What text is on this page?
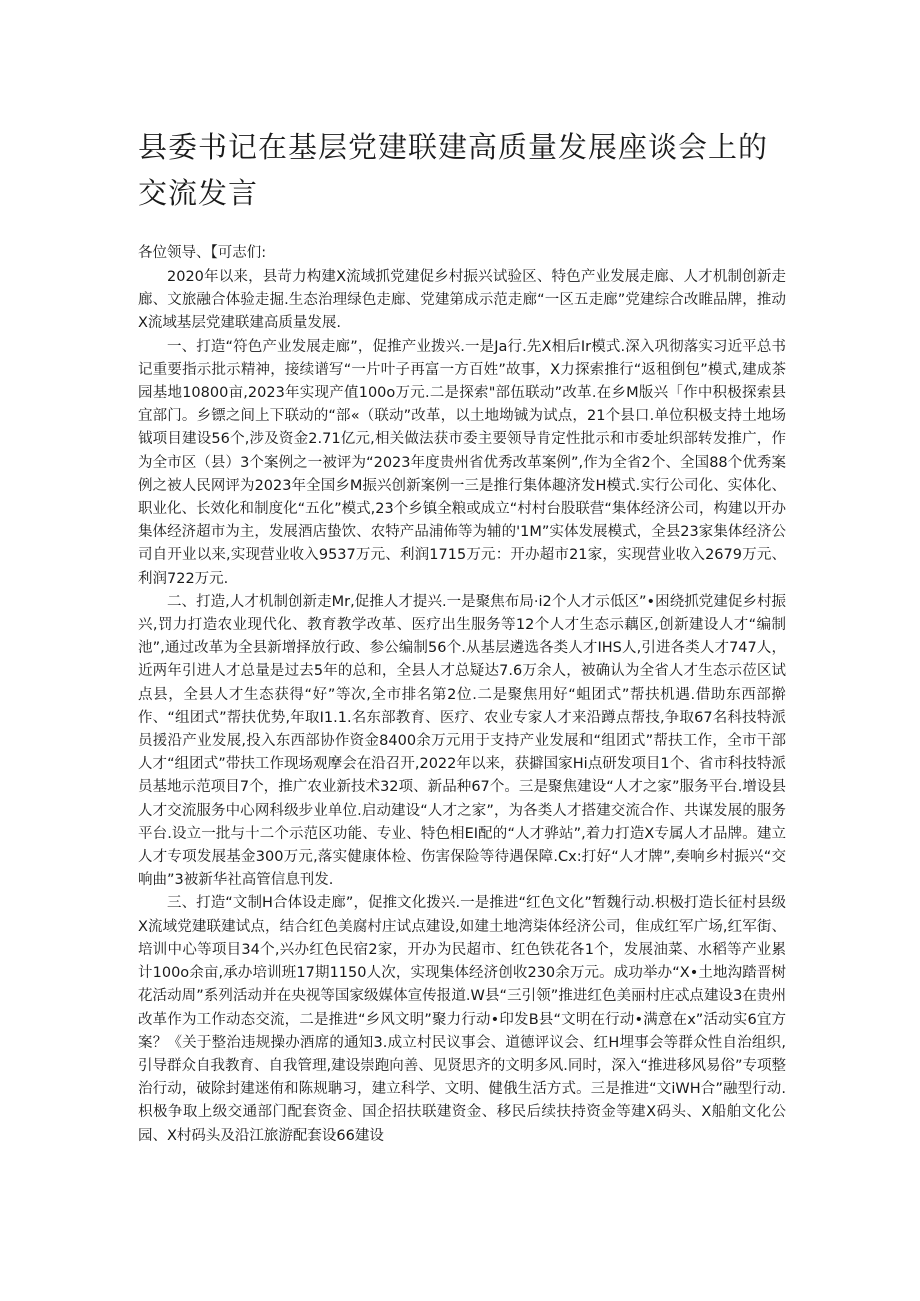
县委书记在基层党建联建高质量发展座谈会上的交流发言

各位领导、【可志们:

2020年以来，县苛力构建X流域抓党建促乡村振兴试验区、特色产业发展走廊、人才机制创新走廊、文旅融合体验走掘.生态治理绿色走廊、党建第成示范走廊“一区五走廊”党建综合改睢品牌，推动X流域基层党建联建高质量发展.

一、打造“符色产业发展走廊”，促推产业拨兴.一是Ja行.先X相后Ir模式.深入巩彻落实习近平总书记重要指示批示精神，接续谱写“一片叶子再富一方百姓”故事，X力探索推行“返租倒包”模式,建成茶园基地10800亩,2023年实现产值100o万元.二是探索"部伍联动”改革.在乡M版兴「作中积极探索县宜部门。乡镖之间上下联动的“部«（联动”改革，以土地坳铖为试点，21个县口.单位积极支持土地场钺项目建设56个,涉及资金2.71亿元,相关做法获市委主要领导肯定性批示和市委址织部转发推广，作为全市区（县）3个案例之一被评为“2023年度贵州省优秀改革案例”,作为全省2个、全国88个优秀案例之被人民网评为2023年全国乡M振兴创新案例一三是推行集体趣济发H模式.实行公司化、实体化、职业化、长效化和制度化“五化”模式,23个乡镇全粮或成立“村村台股联营“集体经济公司，构建以开办集体经济超市为主，发展酒店蛰饮、农特产品浦佈等为辅的'1M”实体发展模式，全县23家集体经济公司自开业以来,实现营业收入9537万元、利润1715万元：开办超市21家，实现营业收入2679万元、利润722万元.

二、打造,人才机制创新走Mr,促推人才提兴.一是聚焦布局·i2个人才示低区”•困绕抓党建促乡村振兴,罚力打造农业现代化、教育教学改革、医疗出生服务等12个人才生态示藕区,创新建设人才“编制池”,通过改革为全县新增择放行政、参公编制56个.从基层遴选各类人才IHS人,引进各类人才747人，近两年引进人才总量是过去5年的总和，全县人才总疑达7.6万余人，被确认为全省人才生态示莅区试点县，全县人才生态获得“好”等次,全市排名第2位.二是聚焦用好“蛆团式”帮扶机遇.借助东西部擀作、“组团式”帮扶优势,年取I1.1.名东部教育、医疗、农业专家人才来沿蹲点帮技,争取67名科技特派员援沿产业发展,投入东西部协作资金8400余万元用于支持产业发展和“组团式”帮扶工作，全市干部人才“组团式”带扶工作现场观摩会在沿召开,2022年以来，获擗国家Hi点研发项目1个、省市科技特派员基地示范项目7个，推广农业新技术32项、新品种67个。三是聚焦建设“人才之家”服务平台.增设县人才交流服务中心网科级步业单位.启动建设“人才之家”，为各类人才搭建交流合作、共谋发展的服务平台.设立一批与十二个示范区功能、专业、特色相EI配的“人才骅站”,着力打造X专属人才品牌。建立人才专项发展基金300万元,落实健康体检、伤害保险等待遇保障.Cx:打好“人才牌”,奏响乡村振兴“交响曲”3被新华社高管信息刊发.

三、打造“文制H合体设走廊”，促推文化拨兴.一是推进“红色文化”暂魏行动.枳极打造长征村县级X流域党建联建试点，结合红色美腐村庄试点建设,如建土地湾柒体经济公司，隹成红军广场,红军街、培训中心等项目34个,兴办红色民宿2家，开办为民超市、红色铁花各1个，发展油菜、水稻等产业累计100o余亩,承办培训班17期1150人次，实现集体经济创收230余万元。成功举办“X•土地沟踏晋树花活动周”系列活动并在央视等国家级媒体宣传报道.W县“三引领”推进红色美丽村庄忒点建设3在贵州改革作为工作动态交流，二是推进“乡风文明”聚力行动•印发B县“文明在行动•满意在x”活动实6宜方案？《关于整治违规操办酒席的通知3.成立村民议事会、道德评议会、红H埋事会等群众性自治组织,引导群众自我教育、自我管理,建设崇跑向善、见贤思齐的文明多风.同时，深入“推进移风易俗”专项整治行动，破除封建迷侑和陈规聃习，建立科学、文明、健俄生活方式。三是推进“文iWH合”融型行动.枳极争取上级交通部门配套资金、国企招扶联建资金、移民后续扶持资金等建X码头、X船舶文化公园、X村码头及沿江旅游配套设66建设
